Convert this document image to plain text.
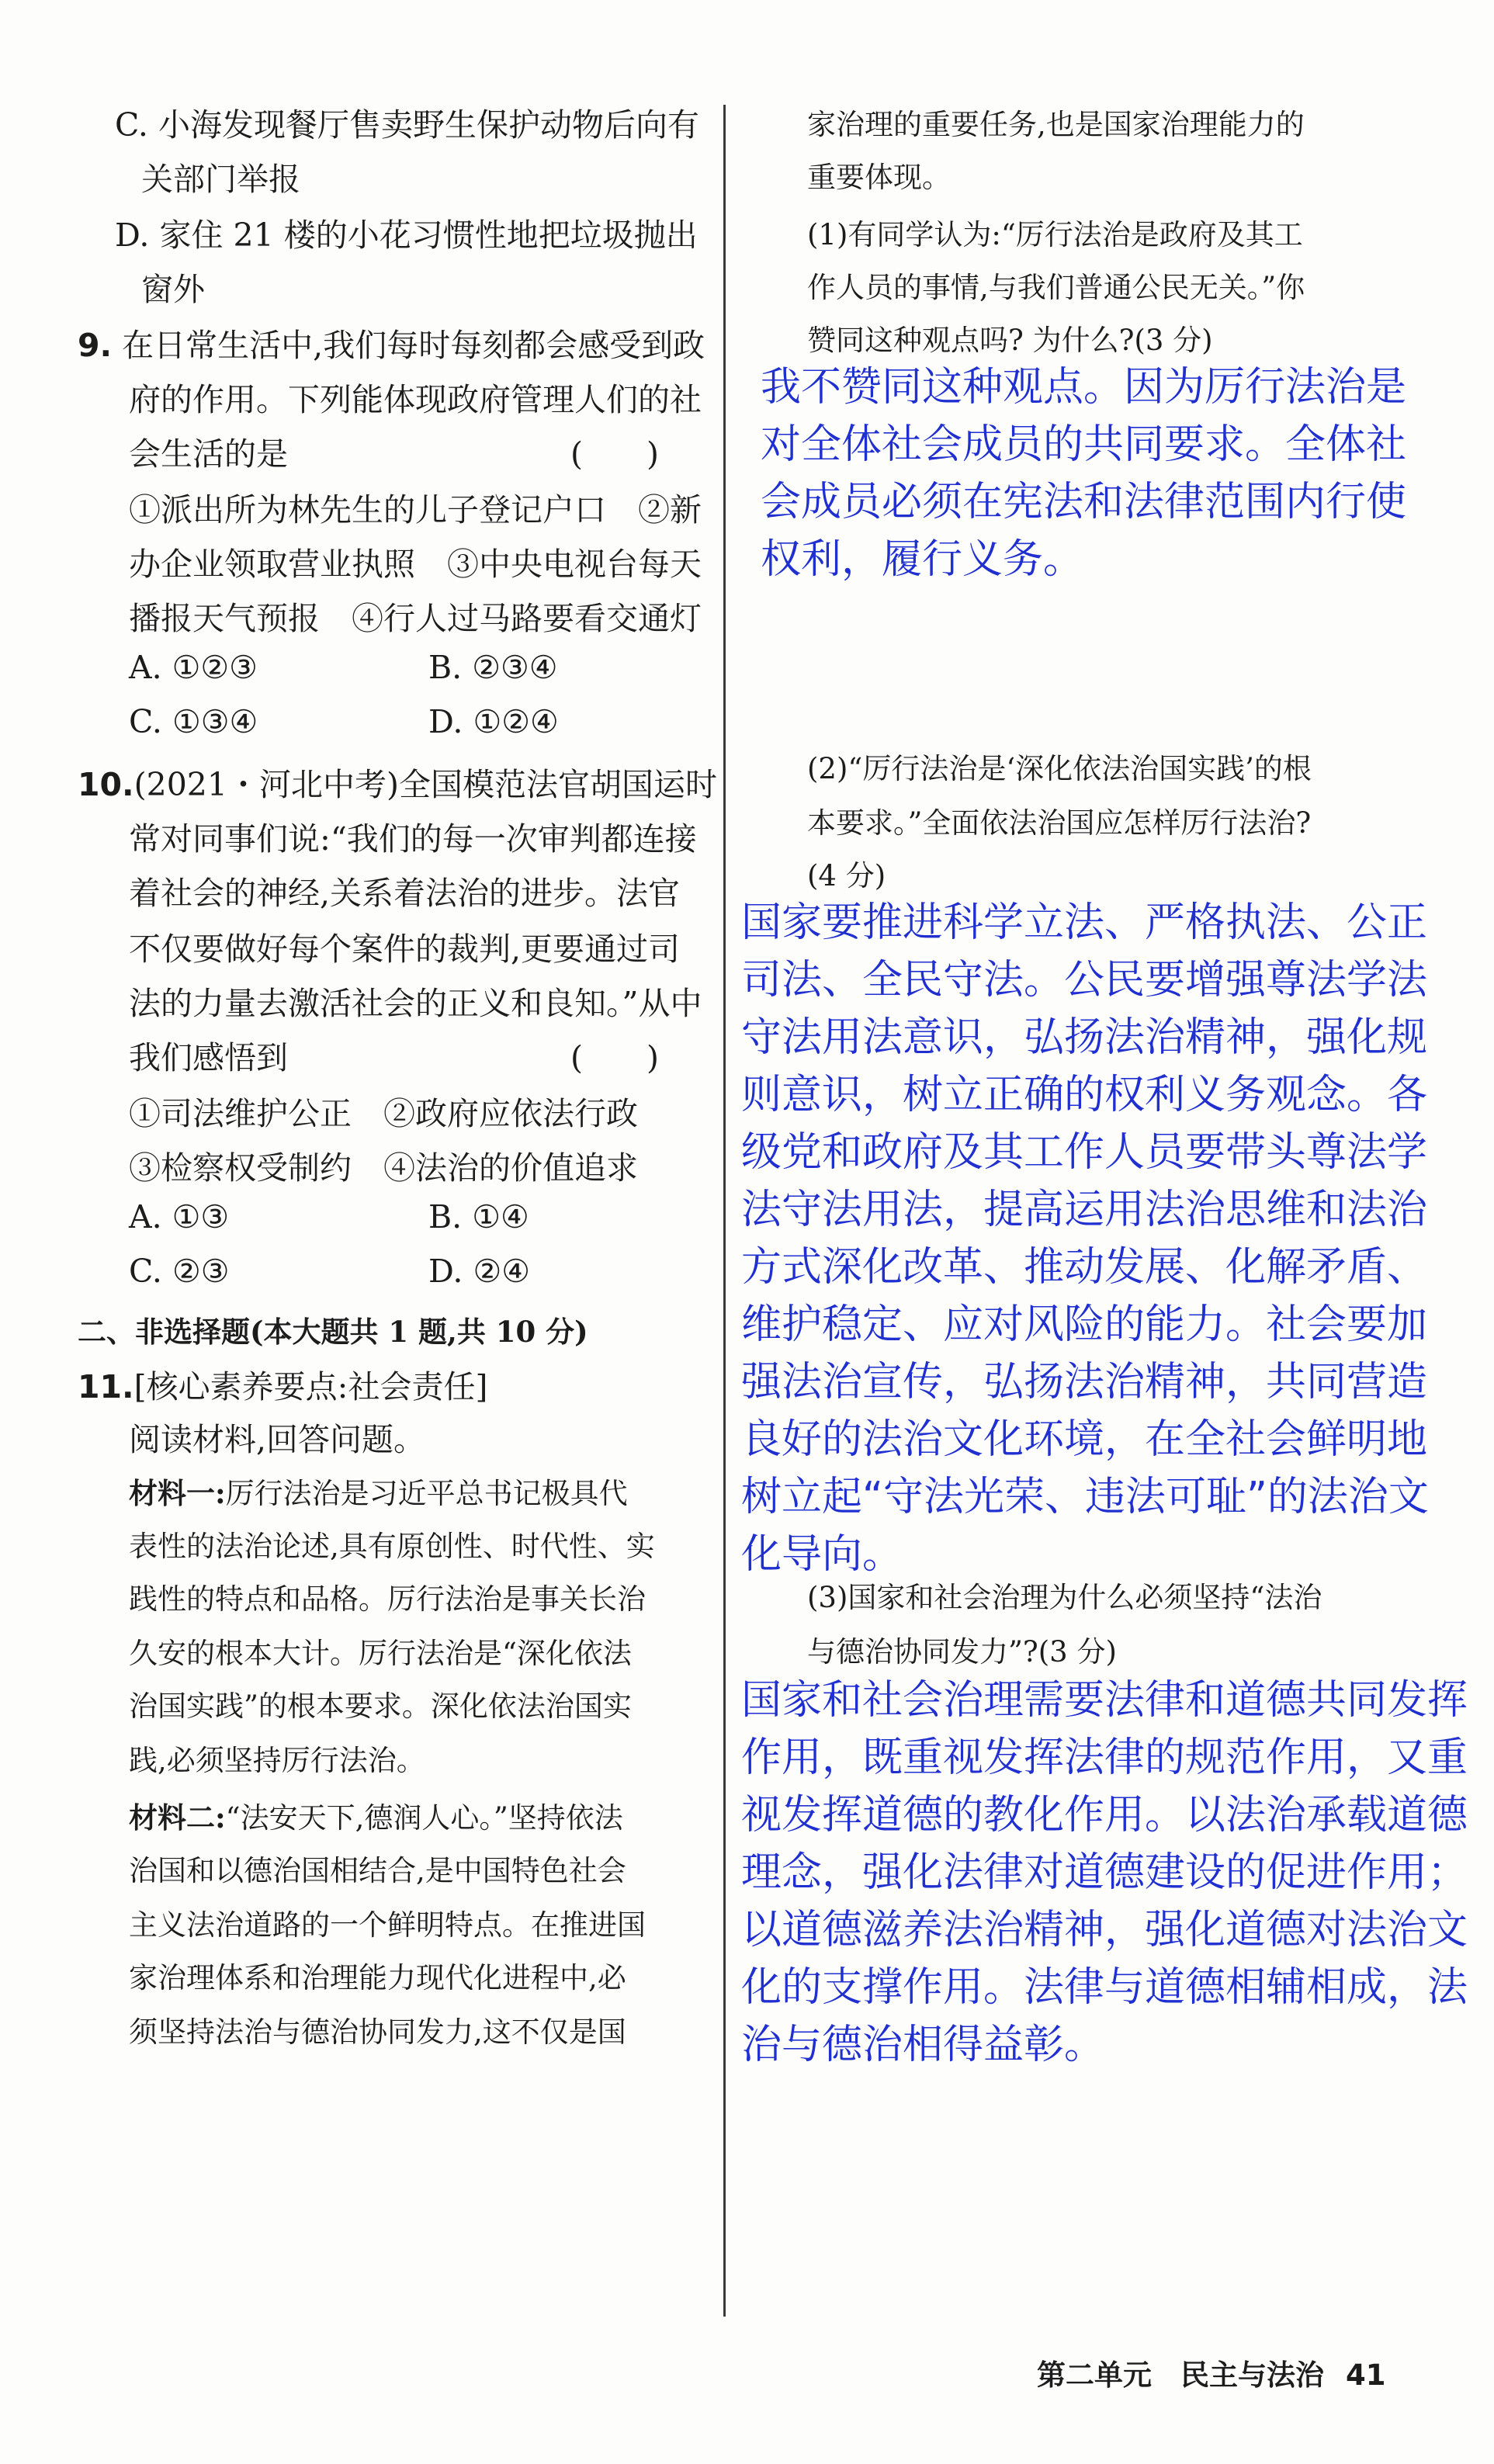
C. 小海发现餐厅售卖野生保护动物后向有
关部门举报
D. 家住 21 楼的小花习惯性地把垃圾抛出
窗外
9. 在日常生活中,我们每时每刻都会感受到政
府的作用。下列能体现政府管理人们的社
会生活的是	(　　)
①派出所为林先生的儿子登记户口　②新
办企业领取营业执照　③中央电视台每天
播报天气预报　④行人过马路要看交通灯
A. ①②③	B. ②③④
C. ①③④	D. ①②④
10.(2021・河北中考)全国模范法官胡国运时
常对同事们说:“我们的每一次审判都连接
着社会的神经,关系着法治的进步。法官
不仅要做好每个案件的裁判,更要通过司
法的力量去激活社会的正义和良知。”从中
我们感悟到	(　　)
①司法维护公正　②政府应依法行政
③检察权受制约　④法治的价值追求
A. ①③	B. ①④
C. ②③	D. ②④
二、非选择题(本大题共 1 题,共 10 分)
11.[核心素养要点:社会责任]
阅读材料,回答问题。
材料一:厉行法治是习近平总书记极具代
表性的法治论述,具有原创性、时代性、实
践性的特点和品格。厉行法治是事关长治
久安的根本大计。厉行法治是“深化依法
治国实践”的根本要求。深化依法治国实
践,必须坚持厉行法治。
材料二:“法安天下,德润人心。”坚持依法
治国和以德治国相结合,是中国特色社会
主义法治道路的一个鲜明特点。在推进国
家治理体系和治理能力现代化进程中,必
须坚持法治与德治协同发力,这不仅是国
家治理的重要任务,也是国家治理能力的
重要体现。
(1)有同学认为:“厉行法治是政府及其工
作人员的事情,与我们普通公民无关。”你
赞同这种观点吗? 为什么?(3 分)
我不赞同这种观点。因为厉行法治是
对全体社会成员的共同要求。全体社
会成员必须在宪法和法律范围内行使
权利，履行义务。
(2)“厉行法治是‘深化依法治国实践’的根
本要求。”全面依法治国应怎样厉行法治?
(4 分)
国家要推进科学立法、严格执法、公正
司法、全民守法。公民要增强尊法学法
守法用法意识，弘扬法治精神，强化规
则意识，树立正确的权利义务观念。各
级党和政府及其工作人员要带头尊法学
法守法用法，提高运用法治思维和法治
方式深化改革、推动发展、化解矛盾、
维护稳定、应对风险的能力。社会要加
强法治宣传，弘扬法治精神，共同营造
良好的法治文化环境，在全社会鲜明地
树立起“守法光荣、违法可耻”的法治文
化导向。
(3)国家和社会治理为什么必须坚持“法治
与德治协同发力”?(3 分)
国家和社会治理需要法律和道德共同发挥
作用，既重视发挥法律的规范作用，又重
视发挥道德的教化作用。以法治承载道德
理念，强化法律对道德建设的促进作用；
以道德滋养法治精神，强化道德对法治文
化的支撑作用。法律与道德相辅相成，法
治与德治相得益彰。
第二单元　民主与法治 41
